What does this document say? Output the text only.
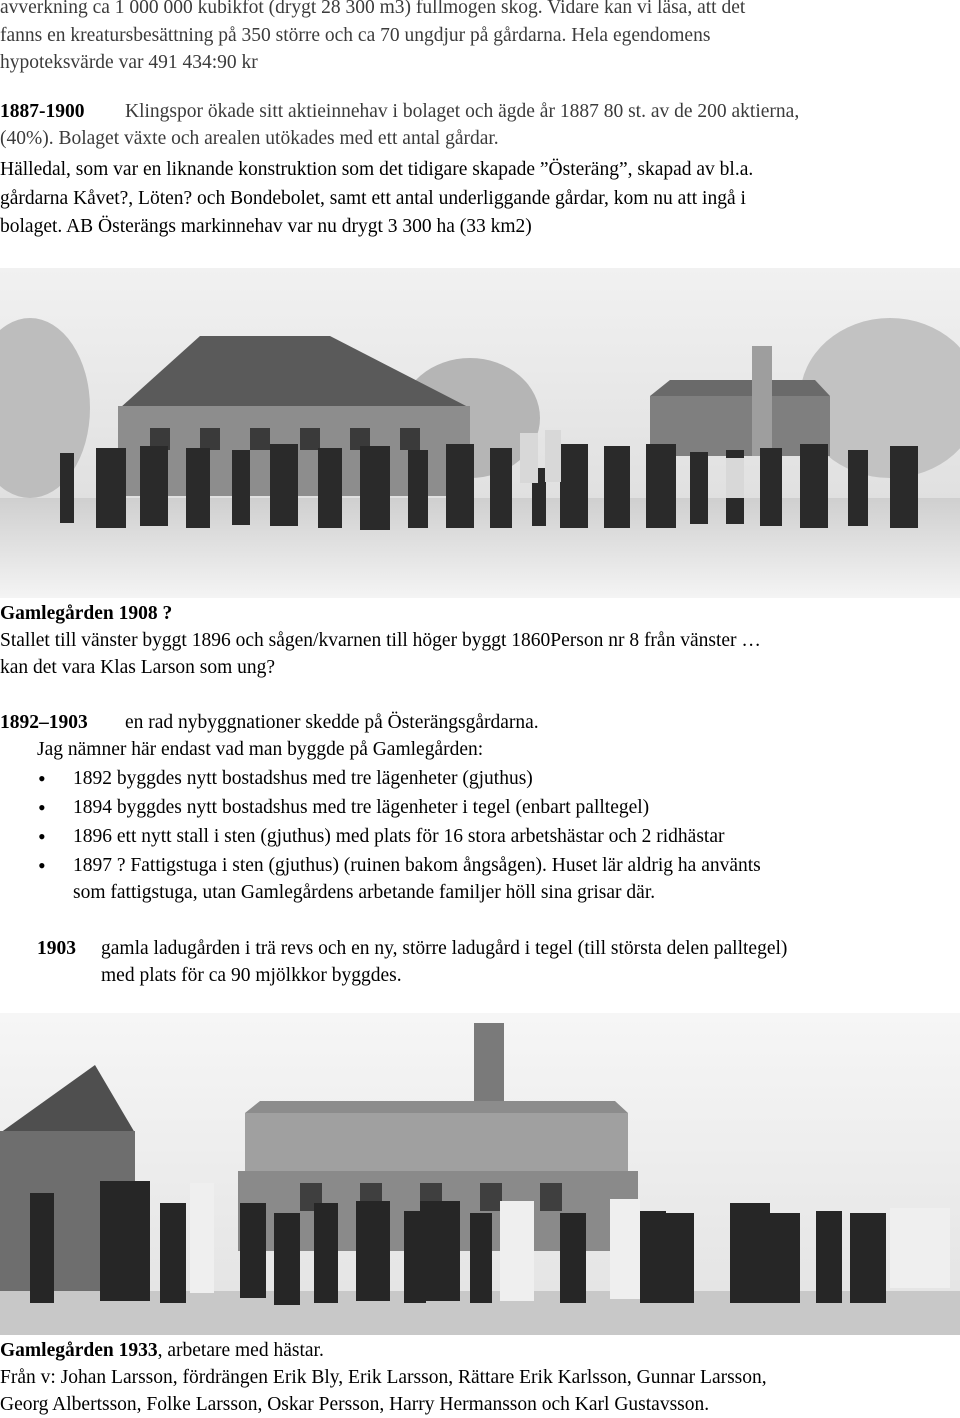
avverkning ca 1 000 000 kubikfot (drygt 28 300 m3) fullmogen skog. Vidare kan vi läsa, att det
fanns en kreatursbesättning på 350 större och ca 70 ungdjur på gårdarna. Hela egendomens
hypoteksvärde var 491 434:90 kr
1887-1900 Klingspor ökade sitt aktieinnehav i bolaget och ägde år 1887 80 st. av de 200 aktierna,
(40%). Bolaget växte och arealen utökades med ett antal gårdar.
Hälledal, som var en liknande konstruktion som det tidigare skapade ”Österäng”, skapad av bl.a.
gårdarna Kåvet?, Löten? och Bondebolet, samt ett antal underliggande gårdar, kom nu att ingå i
bolaget. AB Österängs markinnehav var nu drygt 3 300 ha (33 km2)
Gamlegården 1908 ?
Stallet till vänster byggt 1896 och sågen/kvarnen till höger byggt 1860Person nr 8 från vänster …
kan det vara Klas Larson som ung?
1892–1903 en rad nybyggnationer skedde på Österängsgårdarna.
Jag nämner här endast vad man byggde på Gamlegården:
• 1892 byggdes nytt bostadshus med tre lägenheter (gjuthus)
• 1894 byggdes nytt bostadshus med tre lägenheter i tegel (enbart palltegel)
• 1896 ett nytt stall i sten (gjuthus) med plats för 16 stora arbetshästar och 2 ridhästar
• 1897 ? Fattigstuga i sten (gjuthus) (ruinen bakom ångsågen). Huset lär aldrig ha använts
som fattigstuga, utan Gamlegårdens arbetande familjer höll sina grisar där.
1903 gamla ladugården i trä revs och en ny, större ladugård i tegel (till största delen palltegel)
med plats för ca 90 mjölkkor byggdes.
Gamlegården 1933, arbetare med hästar.
Från v: Johan Larsson, fördrängen Erik Bly, Erik Larsson, Rättare Erik Karlsson, Gunnar Larsson,
Georg Albertsson, Folke Larsson, Oskar Persson, Harry Hermansson och Karl Gustavsson.
